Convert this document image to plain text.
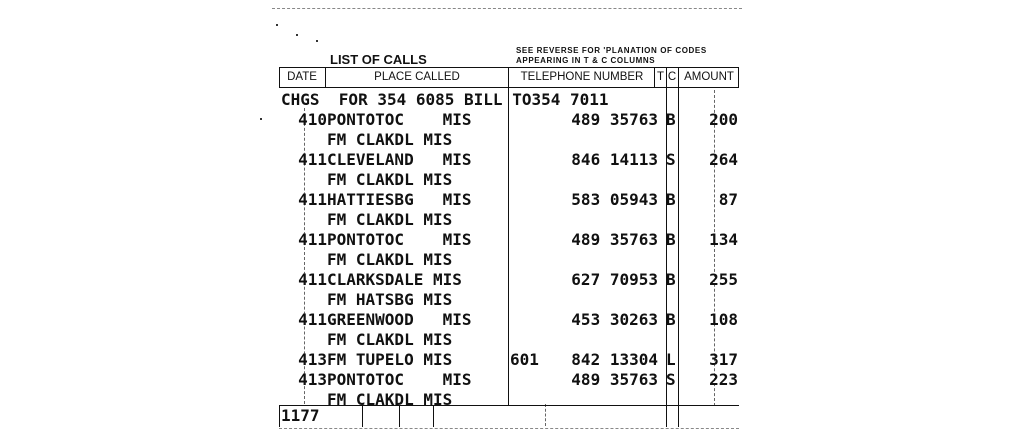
LIST OF CALLS
SEE REVERSE FOR 'PLANATION OF CODES
APPEARING IN T & C COLUMNS
DATE	PLACE CALLED	TELEPHONE NUMBER	T C AMOUNT
CHGS  FOR 354 6085 BILL TO354 7011
410 PONTOTOC    MIS	489 35763 B	200
FM CLAKDL MIS
411 CLEVELAND   MIS	846 14113 S	264
FM CLAKDL MIS
411 HATTIESBG   MIS	583 05943 B	87
FM CLAKDL MIS
411 PONTOTOC    MIS	489 35763 B	134
FM CLAKDL MIS
411 CLARKSDALE MIS	627 70953 B	255
FM HATSBG MIS
411 GREENWOOD   MIS	453 30263 B	108
FM CLAKDL MIS
413 FM TUPELO MIS	601	842 13304 L	317
413 PONTOTOC    MIS	489 35763 S	223
FM CLAKDL MIS
1177
